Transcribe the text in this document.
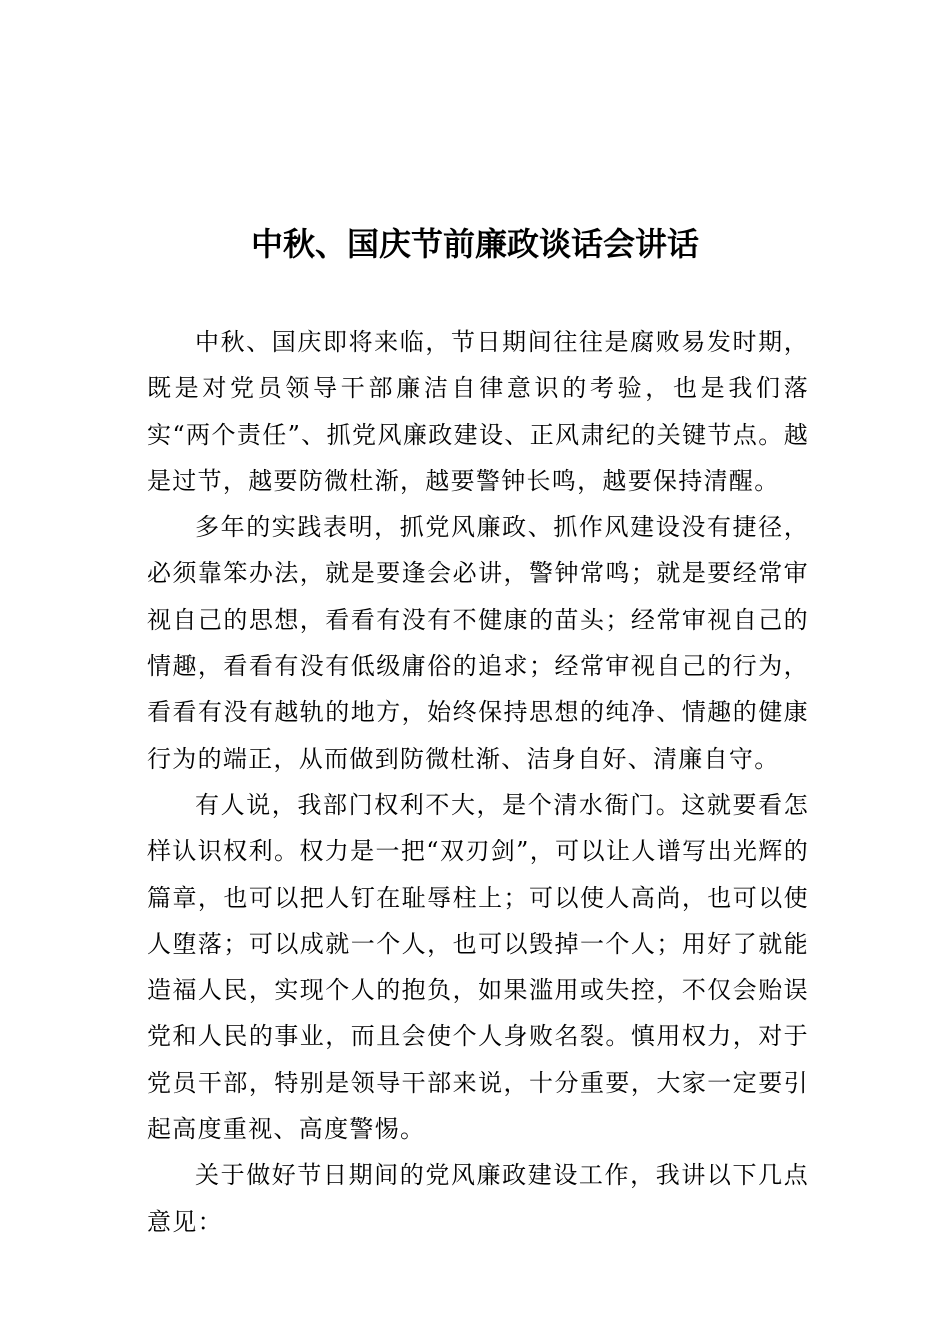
中秋、国庆节前廉政谈话会讲话

中秋、国庆即将来临，节日期间往往是腐败易发时期，既是对党员领导干部廉洁自律意识的考验，也是我们落实“两个责任”、抓党风廉政建设、正风肃纪的关键节点。越是过节，越要防微杜渐，越要警钟长鸣，越要保持清醒。

多年的实践表明，抓党风廉政、抓作风建设没有捷径，必须靠笨办法，就是要逢会必讲，警钟常鸣；就是要经常审视自己的思想，看看有没有不健康的苗头；经常审视自己的情趣，看看有没有低级庸俗的追求；经常审视自己的行为，看看有没有越轨的地方，始终保持思想的纯净、情趣的健康行为的端正，从而做到防微杜渐、洁身自好、清廉自守。

有人说，我部门权利不大，是个清水衙门。这就要看怎样认识权利。权力是一把“双刃剑”，可以让人谱写出光辉的篇章，也可以把人钉在耻辱柱上；可以使人高尚，也可以使人堕落；可以成就一个人，也可以毁掉一个人；用好了就能造福人民，实现个人的抱负，如果滥用或失控，不仅会贻误党和人民的事业，而且会使个人身败名裂。慎用权力，对于党员干部，特别是领导干部来说，十分重要，大家一定要引起高度重视、高度警惕。

关于做好节日期间的党风廉政建设工作，我讲以下几点意见：
